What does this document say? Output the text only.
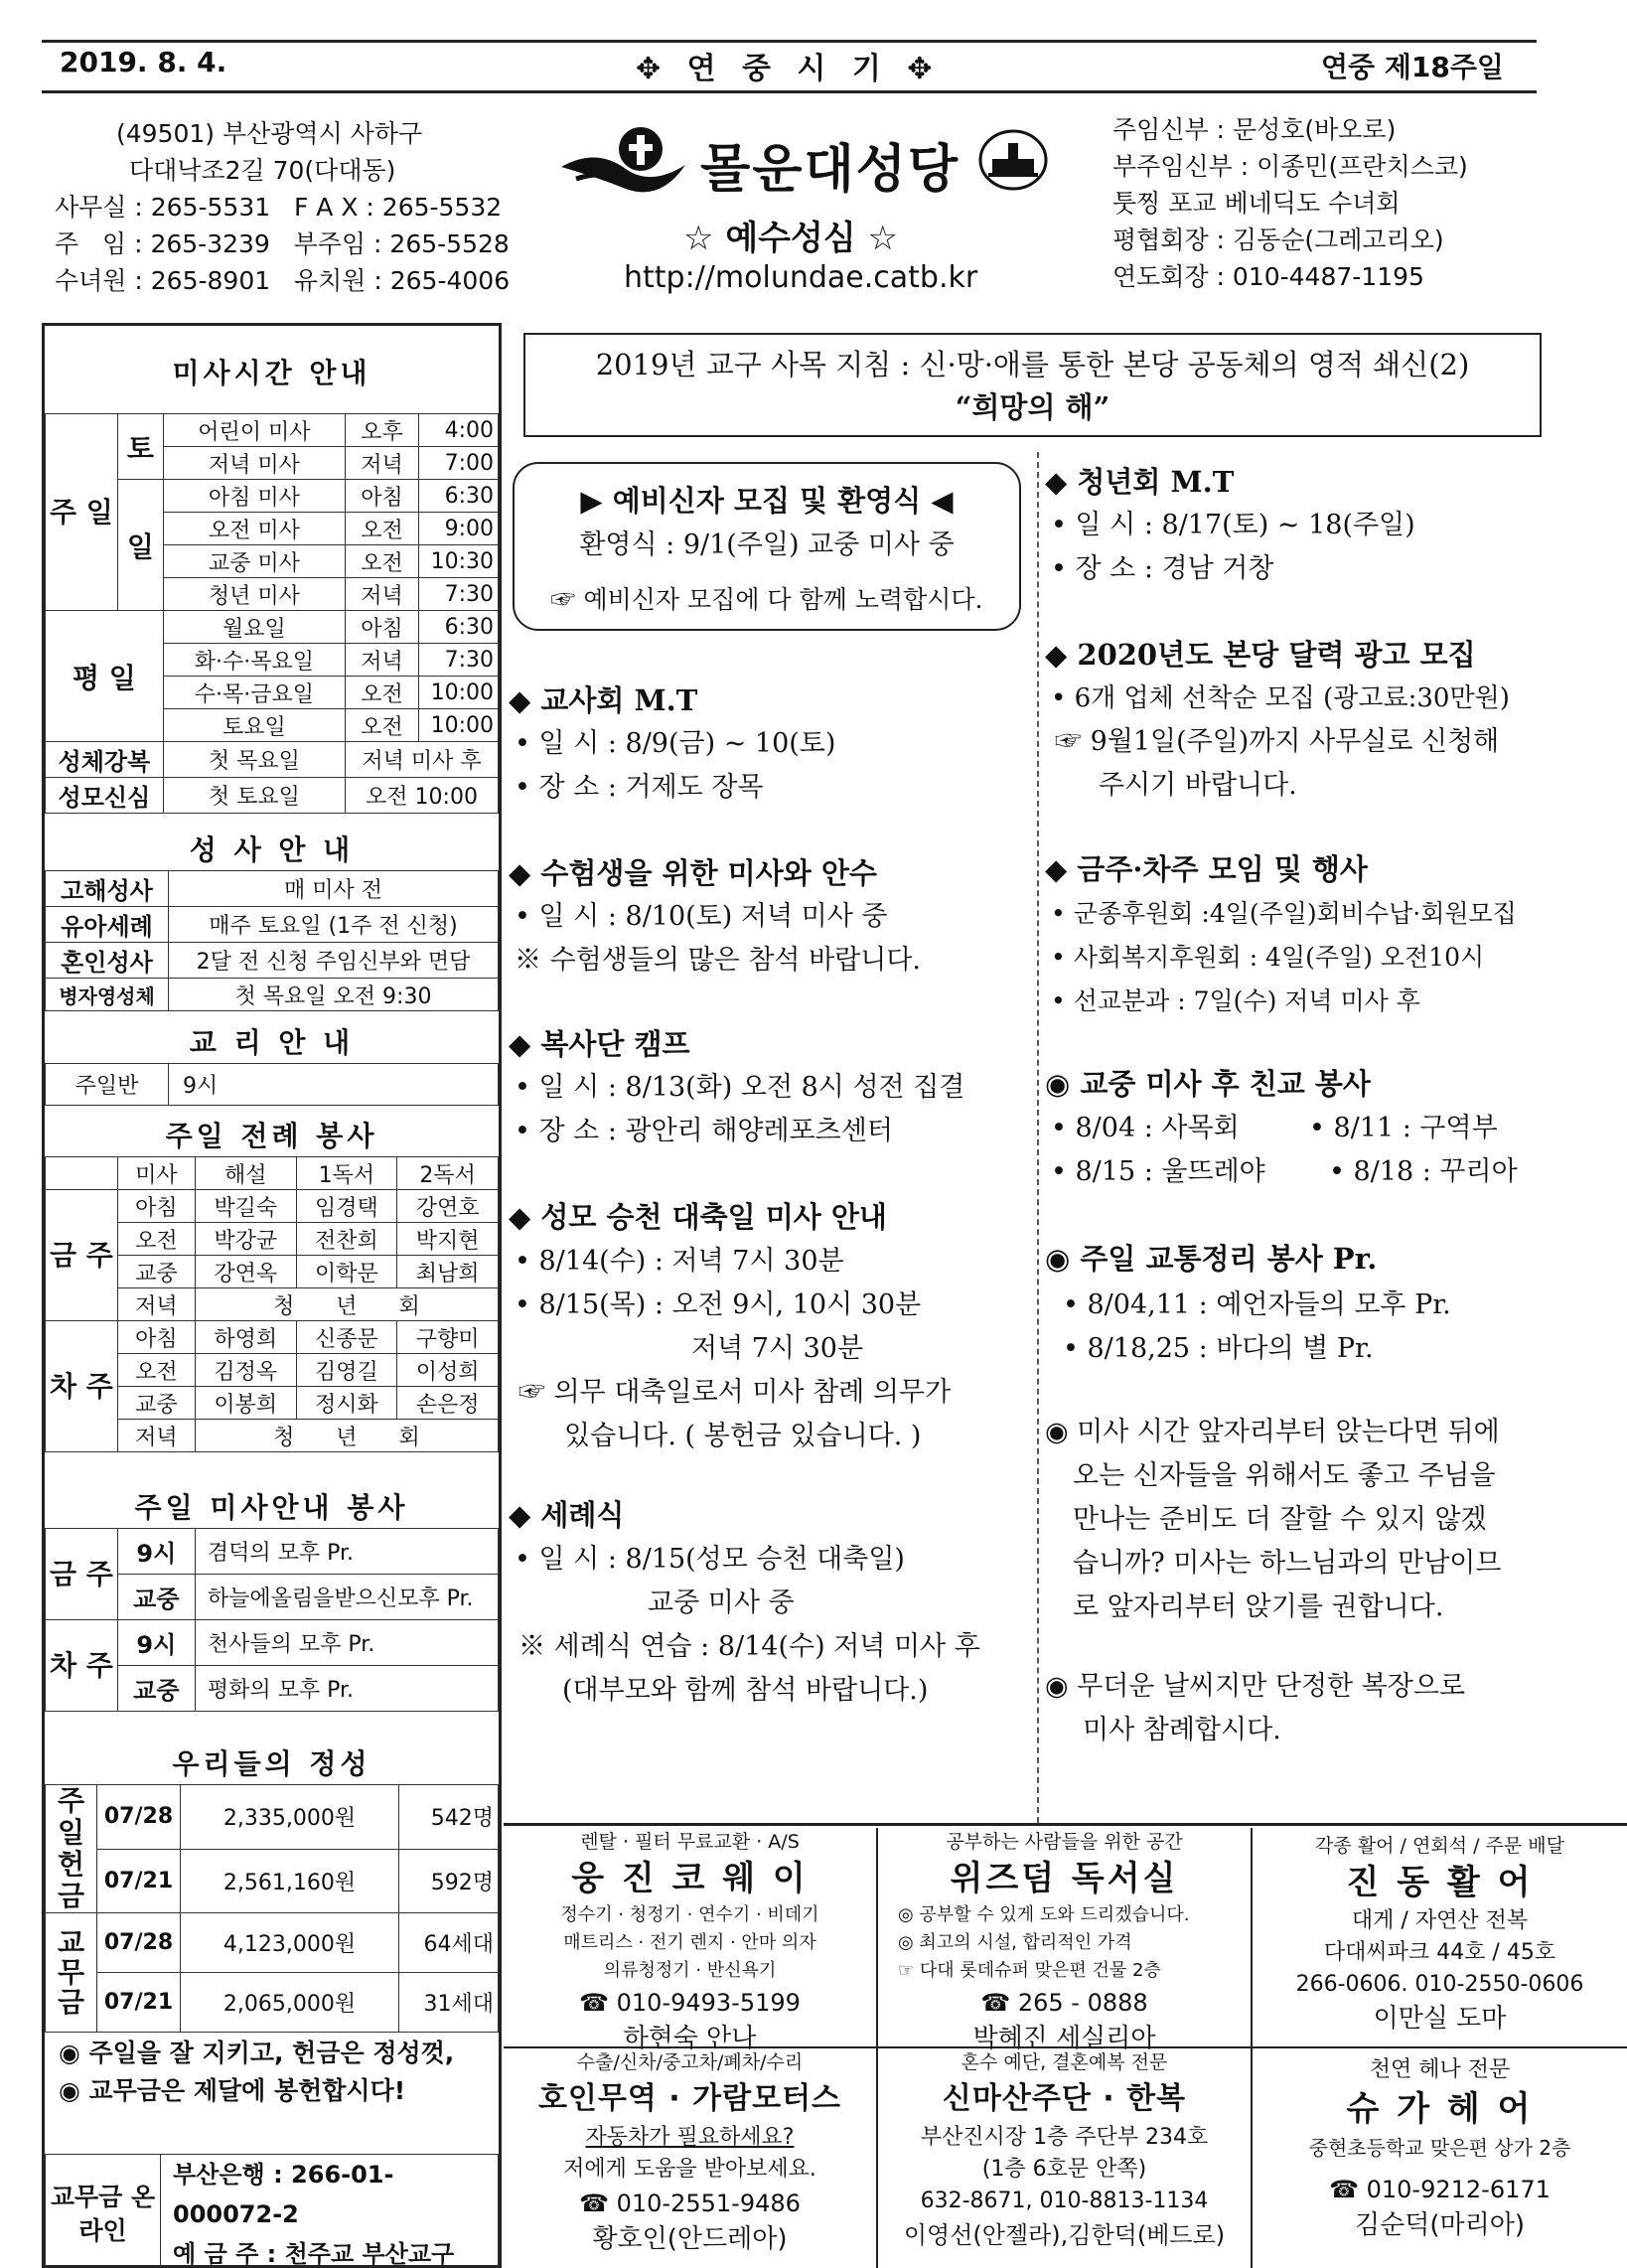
2019. 8. 4.	✥ 연 중 시 기 ✥	연중 제18주일
(49501) 부산광역시 사하구
다대낙조2길 70(다대동)
사무실 : 265-5531   F A X : 265-5532
주   임 : 265-3239   부주임 : 265-5528
수녀원 : 265-8901   유치원 : 265-4006
몰운대성당
☆ 예수성심 ☆
http://molundae.catb.kr
주임신부 : 문성호(바오로)
부주임신부 : 이종민(프란치스코)
툿찡 포교 베네딕도 수녀회
평협회장 : 김동순(그레고리오)
연도회장 : 010-4487-1195
미사시간 안내
주 일	토	어린이 미사	오후	4:00
		저녁 미사	저녁	7:00
	일	아침 미사	아침	6:30
		오전 미사	오전	9:00
		교중 미사	오전	10:30
		청년 미사	저녁	7:30
평 일		월요일	아침	6:30
		화·수·목요일	저녁	7:30
		수·목·금요일	오전	10:00
		토요일	오전	10:00
성체강복		첫 목요일	저녁 미사 후	
성모신심		첫 토요일	오전 10:00	
성 사 안 내
고해성사	매 미사 전
유아세례	매주 토요일 (1주 전 신청)
혼인성사	2달 전 신청 주임신부와 면담
병자영성체	첫 목요일 오전 9:30
교 리 안 내
주일반	9시
주일 전례 봉사
	미사	해설	1독서	2독서
금 주	아침	박길숙	임경택	강연호
	오전	박강균	전찬희	박지현
	교중	강연옥	이학문	최남희
	저녁	청      년      회		
차 주	아침	하영희	신종문	구향미
	오전	김정옥	김영길	이성희
	교중	이봉희	정시화	손은정
	저녁	청      년      회		
주일 미사안내 봉사
금 주	9시	겸덕의 모후 Pr.
	교중	하늘에올림을받으신모후 Pr.
차 주	9시	천사들의 모후 Pr.
	교중	평화의 모후 Pr.
우리들의 정성
주일 헌금	07/28	2,335,000원	542명
	07/21	2,561,160원	592명
교 무 금	07/28	4,123,000원	64세대
	07/21	2,065,000원	31세대
◉ 주일을 잘 지키고, 헌금은 정성껏,
◉ 교무금은 제달에 봉헌합시다!
교무금 온라인	
부산은행 : 266-01-000072-2
예 금 주 : 천주교 부산교구
2019년 교구 사목 지침 : 신·망·애를 통한 본당 공동체의 영적 쇄신(2)
“희망의 해”
▶ 예비신자 모집 및 환영식 ◀
환영식 : 9/1(주일) 교중 미사 중
☞ 예비신자 모집에 다 함께 노력합시다.
◆ 교사회 M.T
• 일 시 : 8/9(금) ~ 10(토)
• 장 소 : 거제도 장목
◆ 수험생을 위한 미사와 안수
• 일 시 : 8/10(토) 저녁 미사 중
※ 수험생들의 많은 참석 바랍니다.
◆ 복사단 캠프
• 일 시 : 8/13(화) 오전 8시 성전 집결
• 장 소 : 광안리 해양레포츠센터
◆ 성모 승천 대축일 미사 안내
• 8/14(수) : 저녁 7시 30분
• 8/15(목) : 오전 9시, 10시 30분
저녁 7시 30분
☞ 의무 대축일로서 미사 참례 의무가
있습니다. ( 봉헌금 있습니다. )
◆ 세례식
• 일 시 : 8/15(성모 승천 대축일)
교중 미사 중
※ 세례식 연습 : 8/14(수) 저녁 미사 후
(대부모와 함께 참석 바랍니다.)
◆ 청년회 M.T
• 일 시 : 8/17(토) ~ 18(주일)
• 장 소 : 경남 거창
◆ 2020년도 본당 달력 광고 모집
• 6개 업체 선착순 모집 (광고료:30만원)
☞ 9월1일(주일)까지 사무실로 신청해
주시기 바랍니다.
◆ 금주·차주 모임 및 행사
• 군종후원회 :4일(주일)회비수납·회원모집
• 사회복지후원회 : 4일(주일) 오전10시
• 선교분과 : 7일(수) 저녁 미사 후
◉ 교중 미사 후 친교 봉사
• 8/04 : 사목회	• 8/11 : 구역부
• 8/15 : 울뜨레야 • 8/18 : 꾸리아
◉ 주일 교통정리 봉사 Pr.
• 8/04,11 : 예언자들의 모후 Pr.
• 8/18,25 : 바다의 별 Pr.
◉ 미사 시간 앞자리부터 앉는다면 뒤에
오는 신자들을 위해서도 좋고 주님을
만나는 준비도 더 잘할 수 있지 않겠
습니까? 미사는 하느님과의 만남이므
로 앞자리부터 앉기를 권합니다.
◉ 무더운 날씨지만 단정한 복장으로
미사 참례합시다.
렌탈 · 필터 무료교환 · A/S
웅 진 코 웨 이
정수기 · 청정기 · 연수기 · 비데기
매트리스 · 전기 렌지 · 안마 의자
의류청정기 · 반신욕기
☎ 010-9493-5199
하현숙 안나
공부하는 사람들을 위한 공간
위즈덤 독서실
◎ 공부할 수 있게 도와 드리겠습니다.
◎ 최고의 시설, 합리적인 가격
☞ 다대 롯데슈퍼 맞은편 건물 2층
☎ 265 - 0888
박혜진 세실리아
각종 활어 / 연회석 / 주문 배달
진 동 활 어
대게 / 자연산 전복
다대씨파크 44호 / 45호
266-0606. 010-2550-0606
이만실 도마
수출/신차/중고차/폐차/수리
호인무역 · 가람모터스
자동차가 필요하세요?
저에게 도움을 받아보세요.
☎ 010-2551-9486
황호인(안드레아)
혼수 예단, 결혼예복 전문
신마산주단 · 한복
부산진시장 1층 주단부 234호
(1층 6호문 안쪽)
632-8671, 010-8813-1134
이영선(안젤라),김한덕(베드로)
천연 헤나 전문
슈 가 헤 어
중현초등학교 맞은편 상가 2층
☎ 010-9212-6171
김순덕(마리아)
